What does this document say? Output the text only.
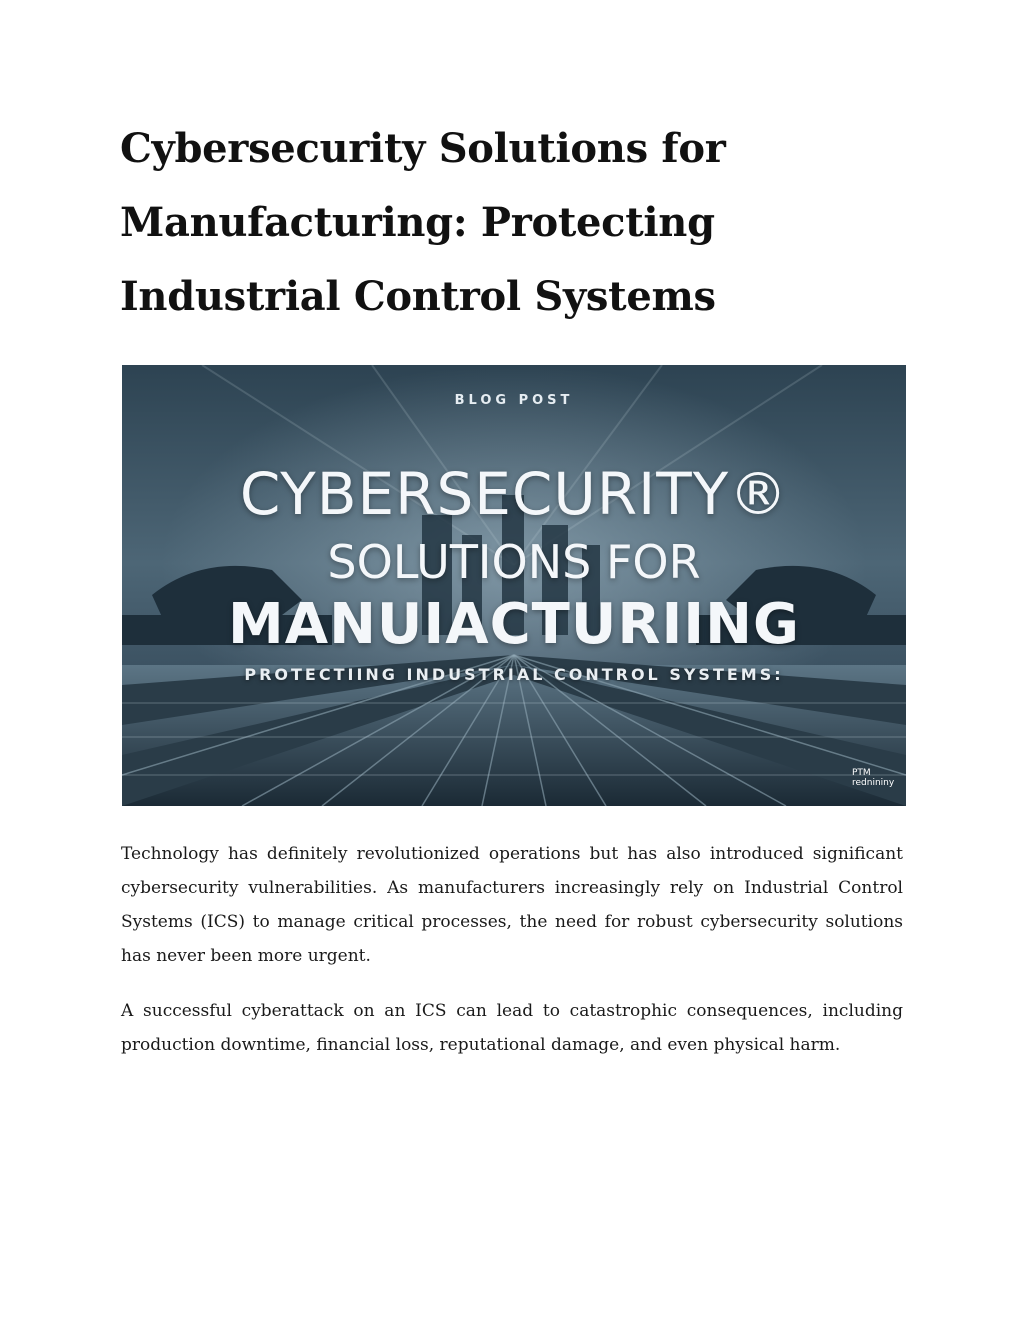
Cybersecurity Solutions for
Manufacturing: Protecting
Industrial Control Systems
BLOG POST
CYBERSECURITY®
SOLUTIONS FOR
MANUIACTURIING
PROTECTIING INDUSTRIAL CONTROL SYSTEMS:
PTM rednininy

Technology has definitely revolutionized operations but has also introduced significant cybersecurity vulnerabilities. As manufacturers increasingly rely on Industrial Control Systems (ICS) to manage critical processes, the need for robust cybersecurity solutions has never been more urgent.

A successful cyberattack on an ICS can lead to catastrophic consequences, including production downtime, financial loss, reputational damage, and even physical harm.
